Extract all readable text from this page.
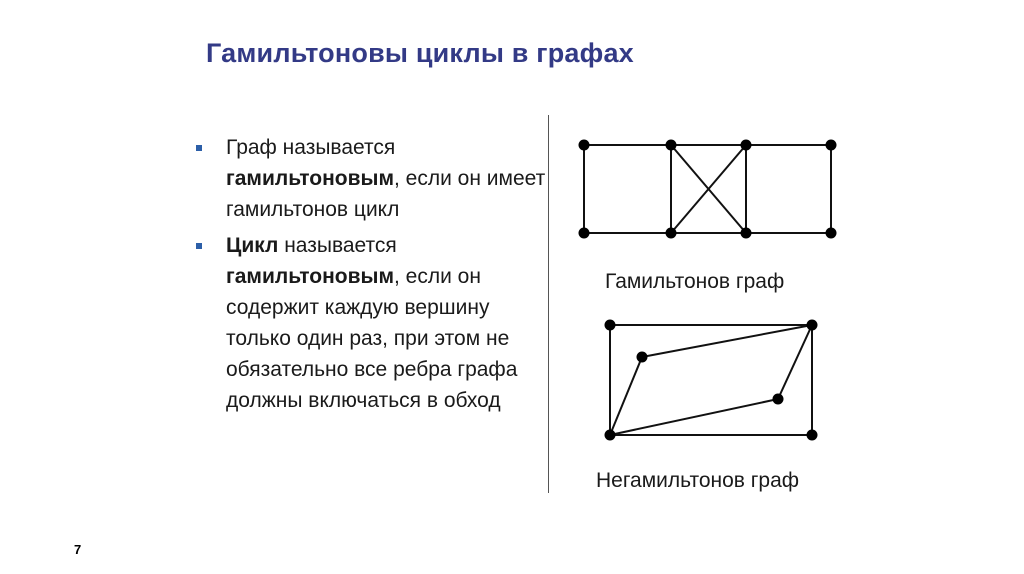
Гамильтоновы циклы в графах
Граф называется гамильтоновым, если он имеет гамильтонов цикл
Цикл называется гамильтоновым, если он содержит каждую вершину только один раз, при этом не обязательно все ребра графа должны включаться в обход
Гамильтонов граф
Негамильтонов граф
7
